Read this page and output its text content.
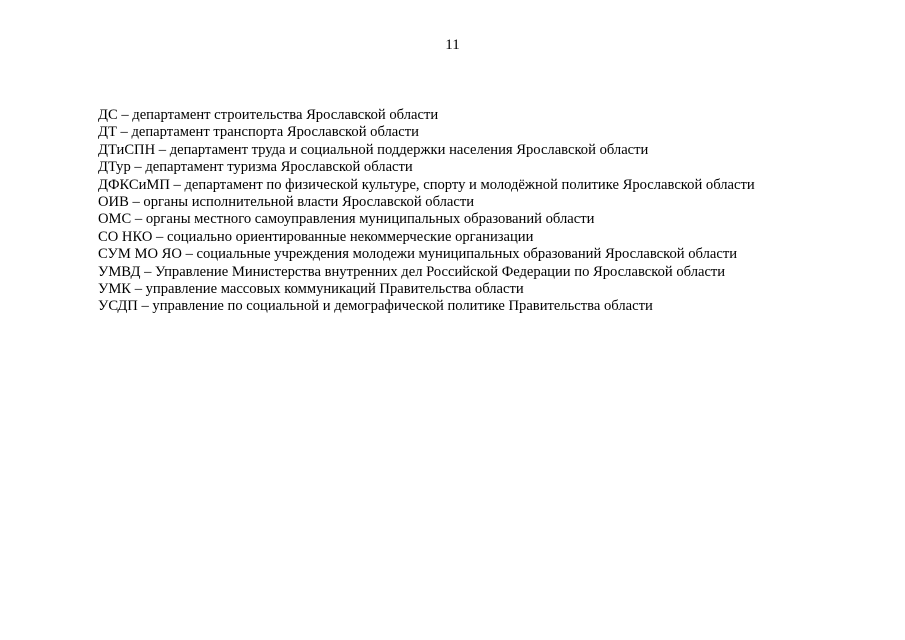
11
ДС – департамент строительства Ярославской области
ДТ – департамент транспорта Ярославской области
ДТиСПН – департамент труда и социальной поддержки населения Ярославской области
ДТур – департамент туризма Ярославской области
ДФКСиМП – департамент по физической культуре, спорту и молодёжной политике Ярославской области
ОИВ – органы исполнительной власти Ярославской области
ОМС – органы местного самоуправления муниципальных образований области
СО НКО – социально ориентированные некоммерческие организации
СУМ МО ЯО – социальные учреждения молодежи муниципальных образований Ярославской области
УМВД – Управление Министерства внутренних дел Российской Федерации по Ярославской области
УМК – управление массовых коммуникаций Правительства области
УСДП – управление по социальной и демографической политике Правительства области
